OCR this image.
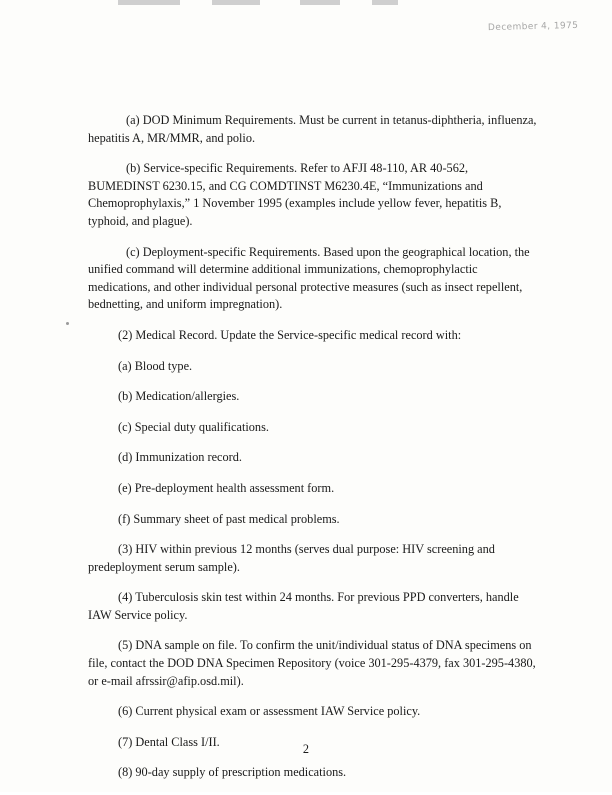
December 4, 1975

(a) DOD Minimum Requirements. Must be current in tetanus-diphtheria, influenza, hepatitis A, MR/MMR, and polio.

(b) Service-specific Requirements. Refer to AFJI 48-110, AR 40-562, BUMEDINST 6230.15, and CG COMDTINST M6230.4E, “Immunizations and Chemoprophylaxis,” 1 November 1995 (examples include yellow fever, hepatitis B, typhoid, and plague).

(c) Deployment-specific Requirements. Based upon the geographical location, the unified command will determine additional immunizations, chemoprophylactic medications, and other individual personal protective measures (such as insect repellent, bednetting, and uniform impregnation).

(2) Medical Record. Update the Service-specific medical record with:

(a) Blood type.

(b) Medication/allergies.

(c) Special duty qualifications.

(d) Immunization record.

(e) Pre-deployment health assessment form.

(f) Summary sheet of past medical problems.

(3) HIV within previous 12 months (serves dual purpose: HIV screening and predeployment serum sample).

(4) Tuberculosis skin test within 24 months. For previous PPD converters, handle IAW Service policy.

(5) DNA sample on file. To confirm the unit/individual status of DNA specimens on file, contact the DOD DNA Specimen Repository (voice 301-295-4379, fax 301-295-4380, or e-mail afrssir@afip.osd.mil).

(6) Current physical exam or assessment IAW Service policy.

(7) Dental Class I/II.

(8) 90-day supply of prescription medications.

2
